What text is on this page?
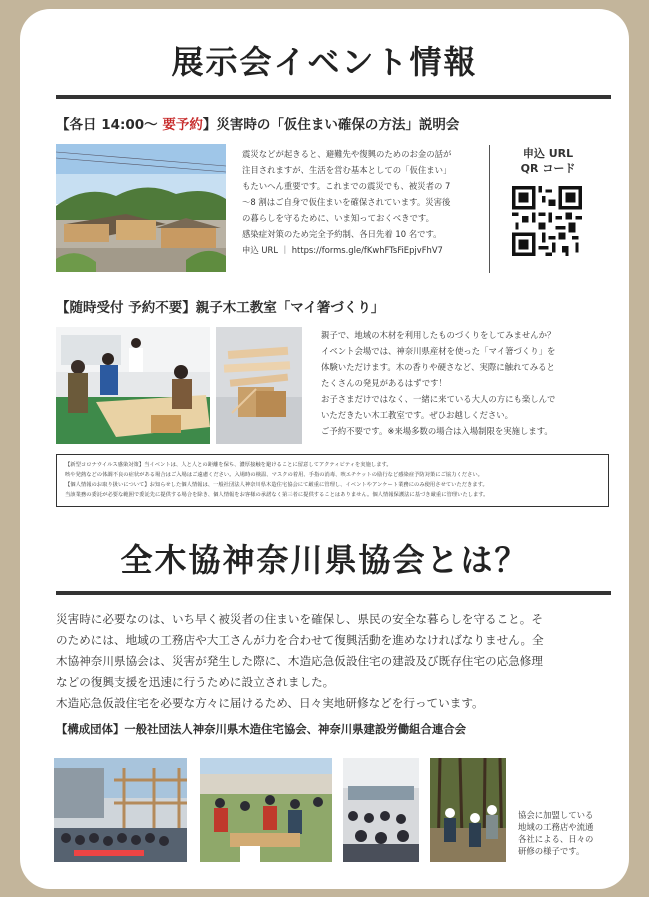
展示会イベント情報
【各日 14:00〜 要予約】災害時の「仮住まい確保の方法」説明会
震災などが起きると、避難先や復興のためのお金の話が
注目されますが、生活を営む基本としての「仮住まい」
もたいへん重要です。これまでの震災でも、被災者の 7
〜8 割はご自身で仮住まいを確保されています。災害後
の暮らしを守るために、いま知っておくべきです。
感染症対策のため完全予約制、各日先着 10 名です。
申込 URL ｜ https://forms.gle/fKwhFTsFiEpjvFhV7
申込 URL
QR コード
【随時受付 予約不要】親子木工教室「マイ箸づくり」
親子で、地域の木材を利用したものづくりをしてみませんか？
イベント会場では、神奈川県産材を使った「マイ箸づくり」を
体験いただけます。木の香りや硬さなど、実際に触れてみると
たくさんの発見があるはずです！
お子さまだけではなく、一緒に来ている大人の方にも楽しんで
いただきたい木工教室です。ぜひお越しください。
ご予約不要です。※来場多数の場合は入場制限を実施します。
【新型コロナウイルス感染対策】当イベントは、人と人との距離を保ち、濃厚接触を避けることに留意してアクティビティを実施します。
咳や発熱などの体調不良の症状がある場合はご入場はご遠慮ください。入場時の検温、マスクの着用、手指の消毒、咳エチケットの励行など感染症予防対策にご協力ください。
【個人情報のお取り扱いについて】お知らせした個人情報は、一般社団法人神奈川県木造住宅協会にて厳重に管理し、イベントやアンケート業務にのみ使用させていただきます。
当該業務の委託が必要な範囲で委託先に提供する場合を除き、個人情報をお客様の承諾なく第三者に提供することはありません。個人情報保護法に基づき厳重に管理いたします。
全木協神奈川県協会とは？
災害時に必要なのは、いち早く被災者の住まいを確保し、県民の安全な暮らしを守ること。そ
のためには、地域の工務店や大工さんが力を合わせて復興活動を進めなければなりません。全
木協神奈川県協会は、災害が発生した際に、木造応急仮設住宅の建設及び既存住宅の応急修理
などの復興支援を迅速に行うために設立されました。
木造応急仮設住宅を必要な方々に届けるため、日々実地研修などを行っています。
【構成団体】一般社団法人神奈川県木造住宅協会、神奈川県建設労働組合連合会
協会に加盟している
地域の工務店や流通
各社による、日々の
研修の様子です。
